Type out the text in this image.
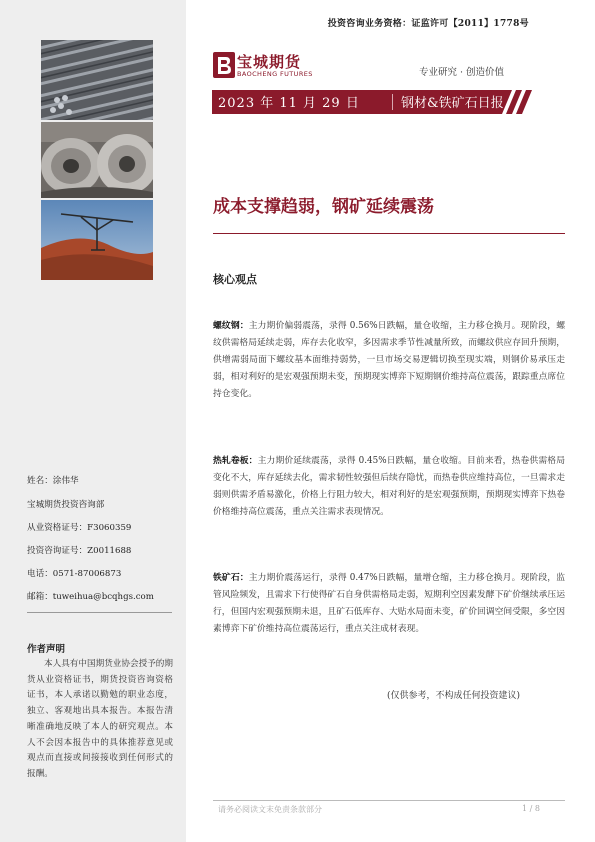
投资咨询业务资格：证监许可【2011】1778号
宝城期货
BAOCHENG FUTURES	专业研究 · 创造价值
2023 年 11 月 29 日	钢材&铁矿石日报
成本支撑趋弱，钢矿延续震荡
核心观点
螺纹钢：主力期价偏弱震荡，录得 0.56%日跌幅，量仓收缩，主力移仓换月。现阶段，螺纹供需格局延续走弱，库存去化收窄，多因需求季节性减量所致，而螺纹供应存回升预期，供增需弱局面下螺纹基本面维持弱势，一旦市场交易逻辑切换至现实端，则钢价易承压走弱，相对利好的是宏观强预期未变，预期现实博弈下短期钢价维持高位震荡，跟踪重点席位持仓变化。
热轧卷板：主力期价延续震荡，录得 0.45%日跌幅，量仓收缩。目前来看，热卷供需格局变化不大，库存延续去化，需求韧性较强但后续存隐忧，而热卷供应维持高位，一旦需求走弱则供需矛盾易激化，价格上行阻力较大，相对利好的是宏观强预期，预期现实博弈下热卷价格维持高位震荡，重点关注需求表现情况。
铁矿石：主力期价震荡运行，录得 0.47%日跌幅，量增仓缩，主力移仓换月。现阶段，监管风险频发，且需求下行使得矿石自身供需格局走弱，短期利空因素发酵下矿价继续承压运行，但国内宏观强预期未退，且矿石低库存、大贴水局面未变，矿价回调空间受限，多空因素博弈下矿价维持高位震荡运行，重点关注成材表现。
(仅供参考，不构成任何投资建议)
姓名：涂伟华
宝城期货投资咨询部
从业资格证号：F3060359
投资咨询证号：Z0011688
电话：0571-87006873
邮箱：tuweihua@bcqhgs.com
作者声明
本人具有中国期货业协会授予的期货从业资格证书，期货投资咨询资格证书，本人承诺以勤勉的职业态度，独立、客观地出具本报告。本报告清晰准确地反映了本人的研究观点。本人不会因本报告中的具体推荐意见或观点而直接或间接接收到任何形式的报酬。
请务必阅读文末免责条款部分	1 / 8
